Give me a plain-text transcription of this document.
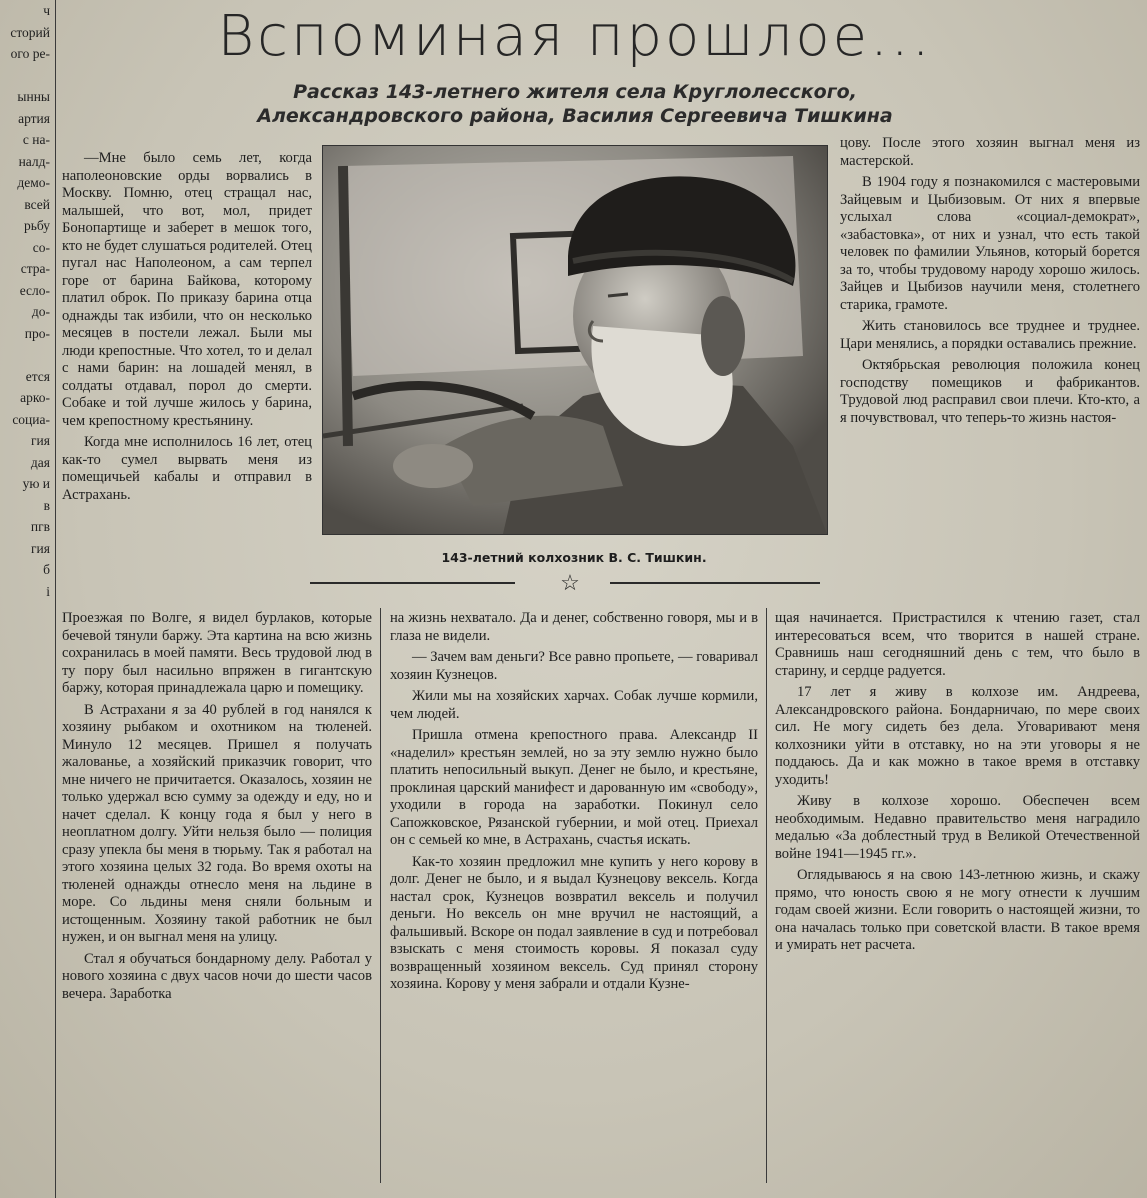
ч
сторий
ого ре-

ынны
артия
с на-
налд-
демо-
всей
рьбу
со-
стра-
есло-
до-
про-

ется
арко-
социа-
гия
дая
ую и
в
пгв
гия
б
і
Вспоминая прошлое...
Рассказ 143-летнего жителя села Круглолесского,
Александровского района, Василия Сергеевича Тишкина

—Мне было семь лет, когда наполеоновские орды ворвались в Москву. Помню, отец стращал нас, малышей, что вот, мол, придет Бонопартище и заберет в мешок того, кто не будет слушаться родителей. Отец пугал нас Наполеоном, а сам терпел горе от барина Байкова, которому платил оброк. По приказу барина отца однажды так избили, что он несколько месяцев в постели лежал. Были мы люди крепостные. Что хотел, то и делал с нами барин: на лошадей менял, в солдаты отдавал, порол до смерти. Собаке и той лучше жилось у барина, чем крепостному крестьянину.

Когда мне исполнилось 16 лет, отец как-то сумел вырвать меня из помещичьей кабалы и отправил в Астрахань.

143-летний колхозник В. С. Тишкин.
☆

Проезжая по Волге, я видел бурлаков, которые бечевой тянули баржу. Эта картина на всю жизнь сохранилась в моей памяти. Весь трудовой люд в ту пору был насильно впряжен в гигантскую баржу, которая принадлежала царю и помещику.

В Астрахани я за 40 рублей в год нанялся к хозяину рыбаком и охотником на тюленей. Минуло 12 месяцев. Пришел я получать жалованье, а хозяйский приказчик говорит, что мне ничего не причитается. Оказалось, хозяин не только удержал всю сумму за одежду и еду, но и начет сделал. К концу года я был у него в неоплатном долгу. Уйти нельзя было — полиция сразу упекла бы меня в тюрьму. Так я работал на этого хозяина целых 32 года. Во время охоты на тюленей однажды отнесло меня на льдине в море. Со льдины меня сняли больным и истощенным. Хозяину такой работник не был нужен, и он выгнал меня на улицу.

Стал я обучаться бондарному делу. Работал у нового хозяина с двух часов ночи до шести часов вечера. Заработка

на жизнь нехватало. Да и денег, собственно говоря, мы и в глаза не видели.

— Зачем вам деньги? Все равно пропьете, — говаривал хозяин Кузнецов.

Жили мы на хозяйских харчах. Собак лучше кормили, чем людей.

Пришла отмена крепостного права. Александр II «наделил» крестьян землей, но за эту землю нужно было платить непосильный выкуп. Денег не было, и крестьяне, проклиная царский манифест и дарованную им «свободу», уходили в города на заработки. Покинул село Сапожковское, Рязанской губернии, и мой отец. Приехал он с семьей ко мне, в Астрахань, счастья искать.

Как-то хозяин предложил мне купить у него корову в долг. Денег не было, и я выдал Кузнецову вексель. Когда настал срок, Кузнецов возвратил вексель и получил деньги. Но вексель он мне вручил не настоящий, а фальшивый. Вскоре он подал заявление в суд и потребовал взыскать с меня стоимость коровы. Я показал суду возвращенный хозяином вексель. Суд принял сторону хозяина. Корову у меня забрали и отдали Кузне-

цову. После этого хозяин выгнал меня из мастерской.

В 1904 году я познакомился с мастеровыми Зайцевым и Цыбизовым. От них я впервые услыхал слова «социал-демократ», «забастовка», от них и узнал, что есть такой человек по фамилии Ульянов, который борется за то, чтобы трудовому народу хорошо жилось. Зайцев и Цыбизов научили меня, столетнего старика, грамоте.

Жить становилось все труднее и труднее. Цари менялись, а порядки оставались прежние.

Октябрьская революция положила конец господству помещиков и фабрикантов. Трудовой люд расправил свои плечи. Кто-кто, а я почувствовал, что теперь-то жизнь настоя-

щая начинается. Пристрастился к чтению газет, стал интересоваться всем, что творится в нашей стране. Сравнишь наш сегодняшний день с тем, что было в старину, и сердце радуется.

17 лет я живу в колхозе им. Андреева, Александровского района. Бондарничаю, по мере своих сил. Не могу сидеть без дела. Уговаривают меня колхозники уйти в отставку, но на эти уговоры я не поддаюсь. Да и как можно в такое время в отставку уходить!

Живу в колхозе хорошо. Обеспечен всем необходимым. Недавно правительство меня наградило медалью «За доблестный труд в Великой Отечественной войне 1941—1945 гг.».

Оглядываюсь я на свою 143-летнюю жизнь, и скажу прямо, что юность свою я не могу отнести к лучшим годам своей жизни. Если говорить о настоящей жизни, то она началась только при советской власти. В такое время и умирать нет расчета.
